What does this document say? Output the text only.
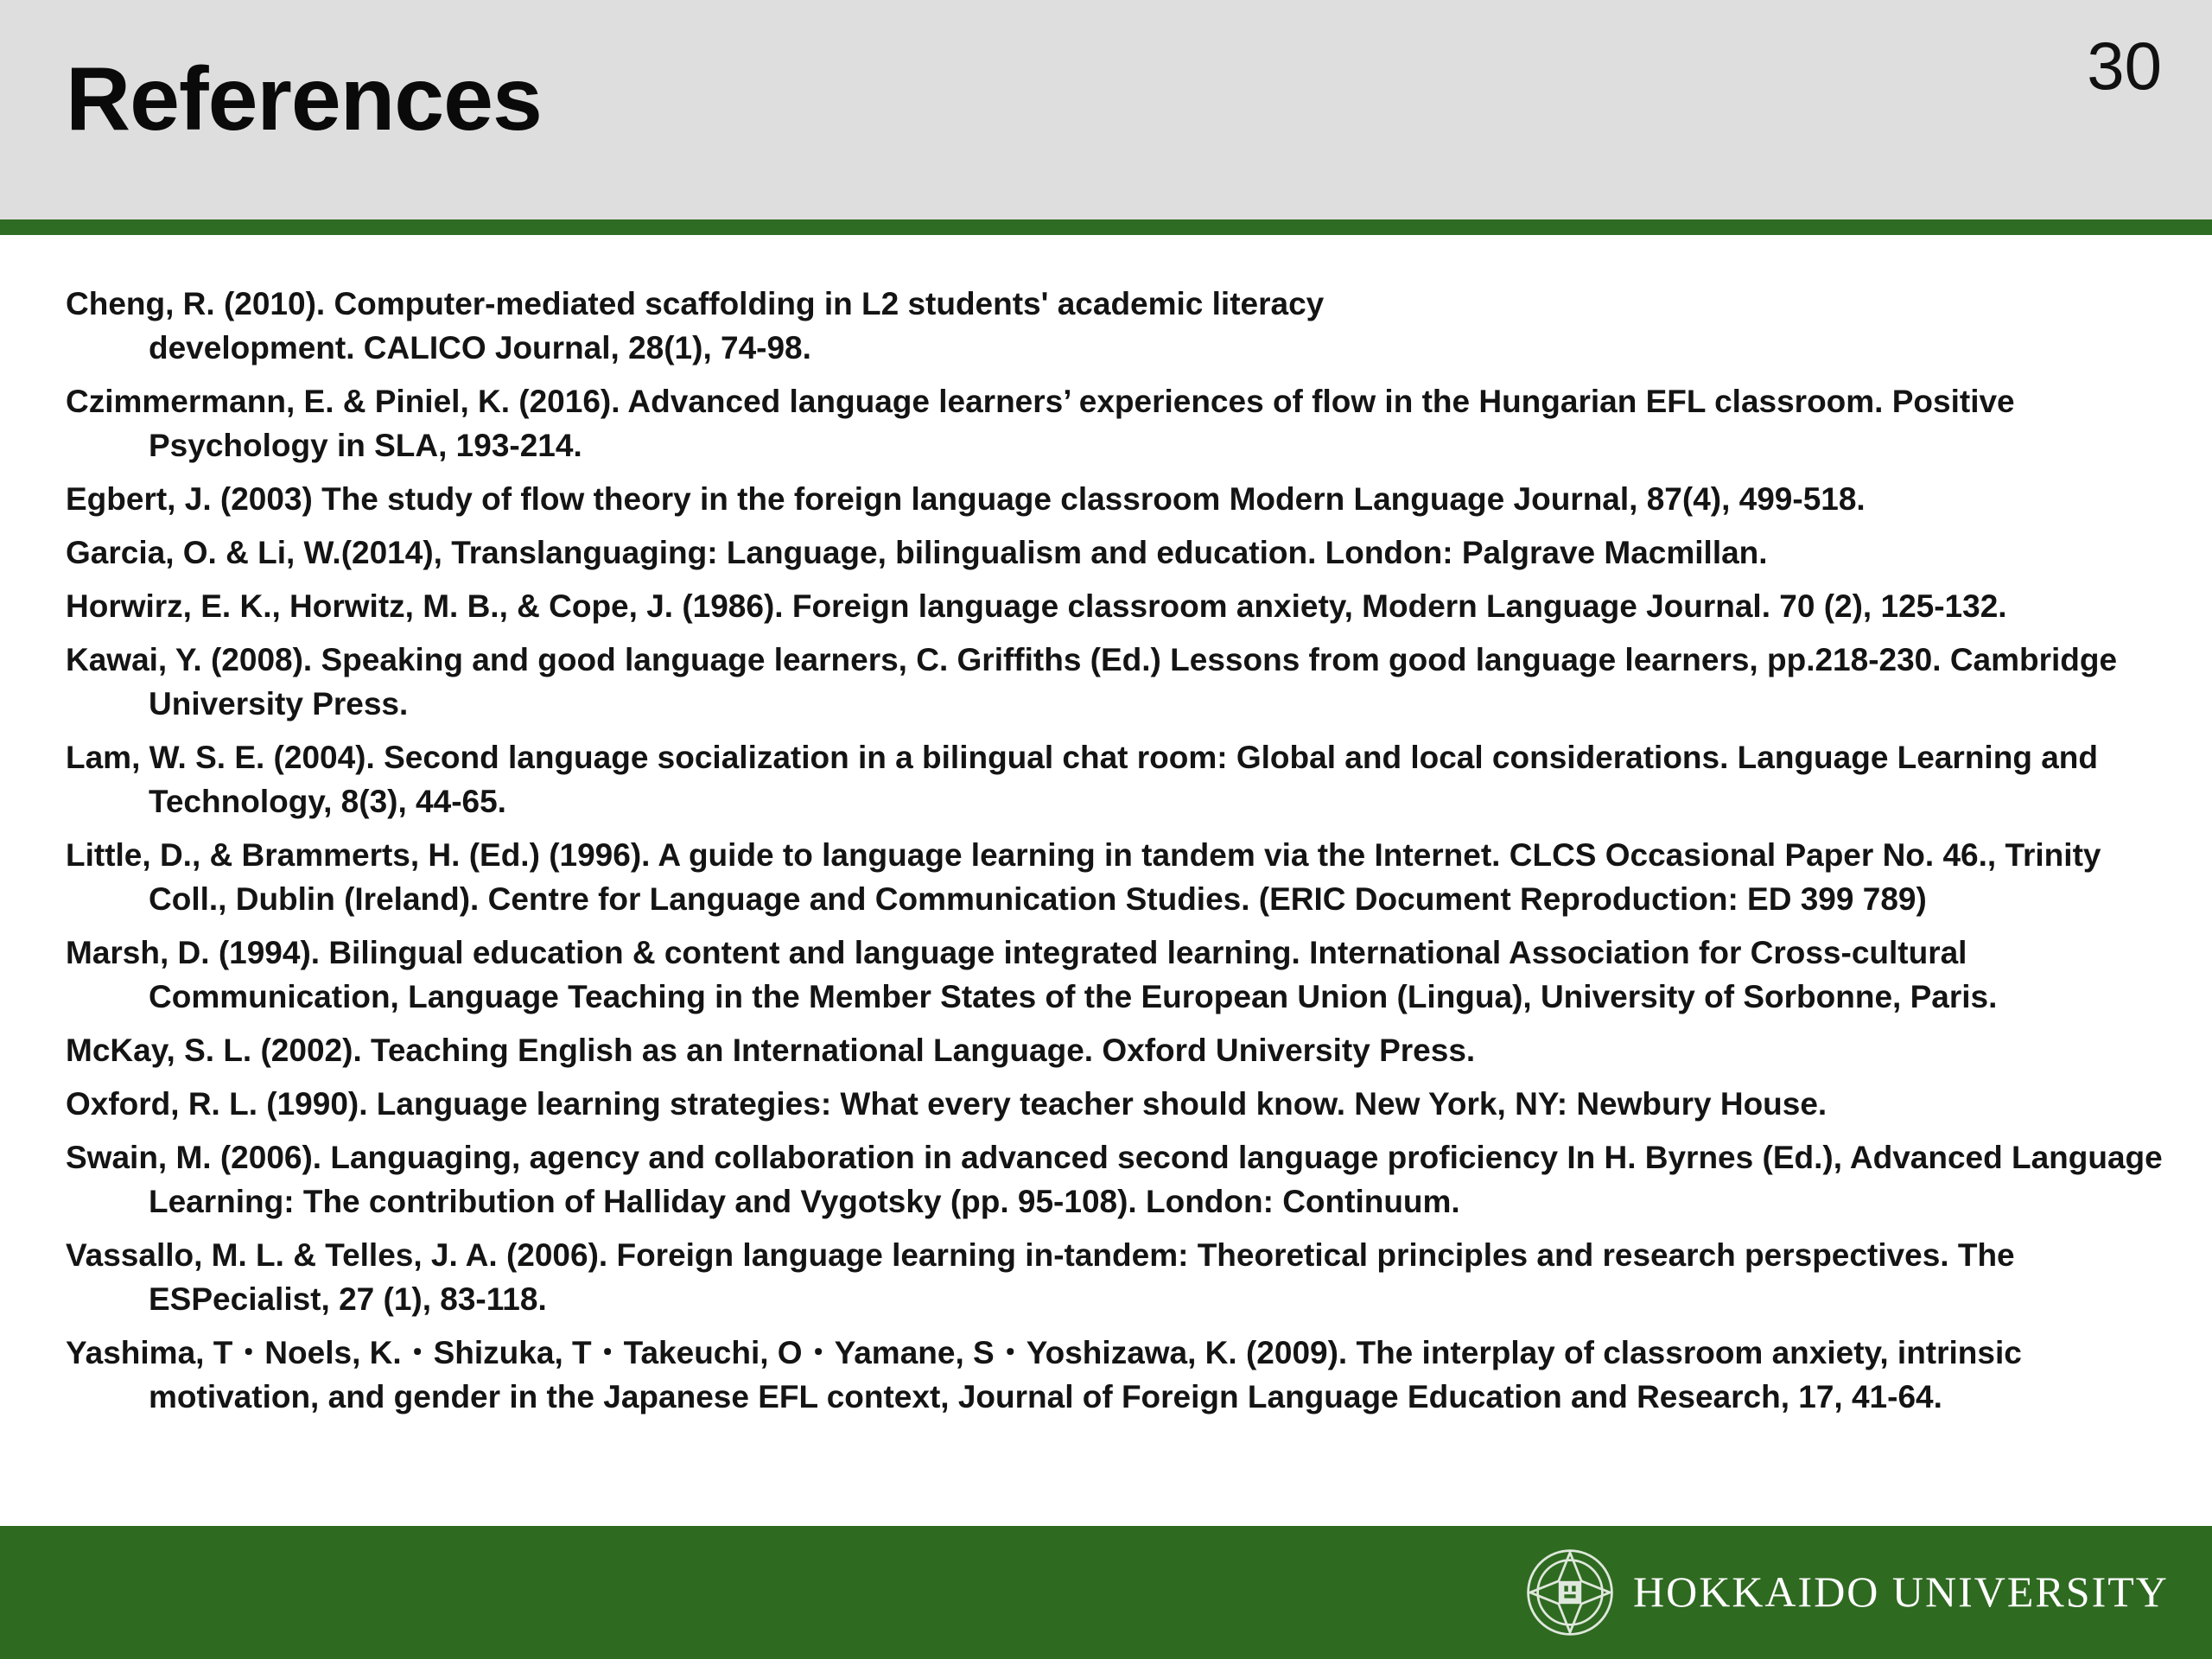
References	30
Cheng, R. (2010). Computer-mediated scaffolding in L2 students' academic literacy
development. CALICO Journal, 28(1), 74-98.
Czimmermann, E. & Piniel, K. (2016). Advanced language learners’ experiences of flow in the Hungarian EFL classroom. Positive Psychology in SLA, 193-214.
Egbert, J. (2003) The study of flow theory in the foreign language classroom Modern Language Journal, 87(4), 499-518.
Garcia, O. & Li, W.(2014), Translanguaging: Language, bilingualism and education. London: Palgrave Macmillan.
Horwirz, E. K., Horwitz, M. B., & Cope, J. (1986). Foreign language classroom anxiety, Modern Language Journal. 70 (2), 125-132.
Kawai, Y. (2008). Speaking and good language learners, C. Griffiths (Ed.) Lessons from good language learners, pp.218-230. Cambridge University Press.
Lam, W. S. E. (2004). Second language socialization in a bilingual chat room: Global and local considerations. Language Learning and Technology, 8(3), 44-65.
Little, D., & Brammerts, H. (Ed.) (1996). A guide to language learning in tandem via the Internet. CLCS Occasional Paper No. 46., Trinity Coll., Dublin (Ireland). Centre for Language and Communication Studies. (ERIC Document Reproduction: ED 399 789)
Marsh, D. (1994). Bilingual education & content and language integrated learning. International Association for Cross-cultural Communication, Language Teaching in the Member States of the European Union (Lingua), University of Sorbonne, Paris.
McKay, S. L. (2002). Teaching English as an International Language. Oxford University Press.
Oxford, R. L. (1990). Language learning strategies: What every teacher should know. New York, NY: Newbury House.
Swain, M. (2006). Languaging, agency and collaboration in advanced second language proficiency In H. Byrnes (Ed.), Advanced Language Learning: The contribution of Halliday and Vygotsky (pp. 95-108). London: Continuum.
Vassallo, M. L. & Telles, J. A. (2006). Foreign language learning in-tandem: Theoretical principles and research perspectives. The ESPecialist, 27 (1), 83-118.
Yashima, T・Noels, K.・Shizuka, T・Takeuchi, O・Yamane, S・Yoshizawa, K. (2009). The interplay of classroom anxiety, intrinsic motivation, and gender in the Japanese EFL context, Journal of Foreign Language Education and Research, 17, 41-64.
HOKKAIDO UNIVERSITY
